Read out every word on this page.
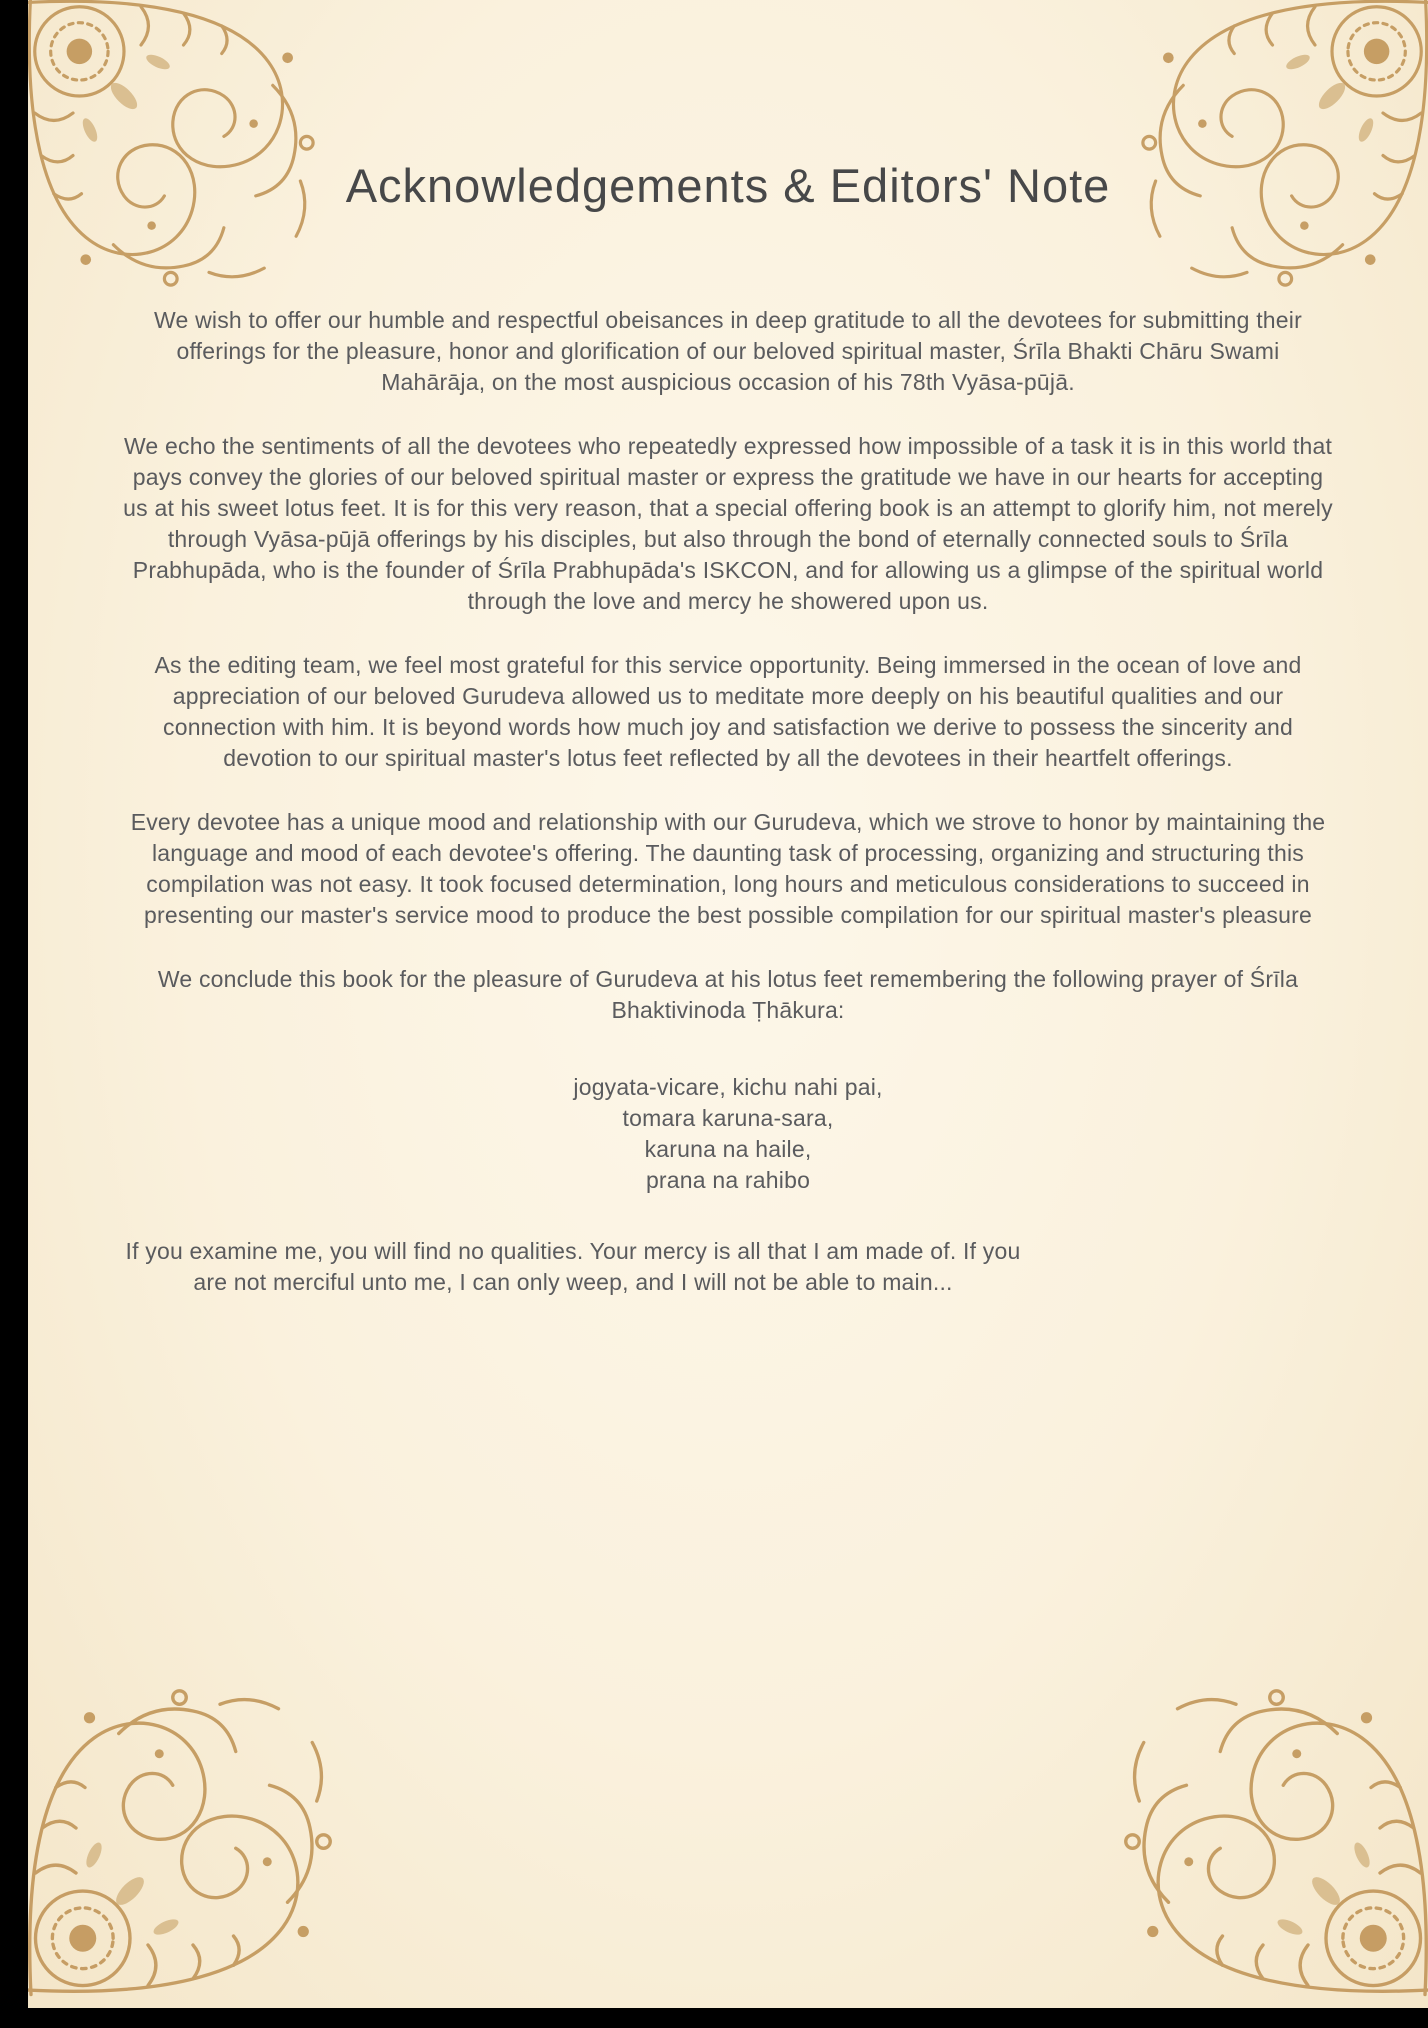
Acknowledgements & Editors' Note

We wish to offer our humble and respectful obeisances in deep gratitude to all the devotees for submitting their offerings for the pleasure, honor and glorification of our beloved spiritual master, Śrīla Bhakti Chāru Swami Mahārāja, on the most auspicious occasion of his 78th Vyāsa-pūjā.

We echo the sentiments of all the devotees who repeatedly expressed how impossible of a task it is in this world that pays convey the glories of our beloved spiritual master or express the gratitude we have in our hearts for accepting us at his sweet lotus feet. It is for this very reason, that a special offering book is an attempt to glorify him, not merely through Vyāsa-pūjā offerings by his disciples, but also through the bond of eternally connected souls to Śrīla Prabhupāda, who is the founder of Śrīla Prabhupāda's ISKCON, and for allowing us a glimpse of the spiritual world through the love and mercy he showered upon us.

As the editing team, we feel most grateful for this service opportunity. Being immersed in the ocean of love and appreciation of our beloved Gurudeva allowed us to meditate more deeply on his beautiful qualities and our connection with him. It is beyond words how much joy and satisfaction we derive to possess the sincerity and devotion to our spiritual master's lotus feet reflected by all the devotees in their heartfelt offerings.

Every devotee has a unique mood and relationship with our Gurudeva, which we strove to honor by maintaining the language and mood of each devotee's offering. The daunting task of processing, organizing and structuring this compilation was not easy. It took focused determination, long hours and meticulous considerations to succeed in presenting our master's service mood to produce the best possible compilation for our spiritual master's pleasure

We conclude this book for the pleasure of Gurudeva at his lotus feet remembering the following prayer of Śrīla Bhaktivinoda Ṭhākura:

jogyata-vicare, kichu nahi pai,
tomara karuna-sara,
karuna na haile,
prana na rahibo

If you examine me, you will find no qualities. Your mercy is all that I am made of. If you are not merciful unto me, I can only weep, and I will not be able to main...
